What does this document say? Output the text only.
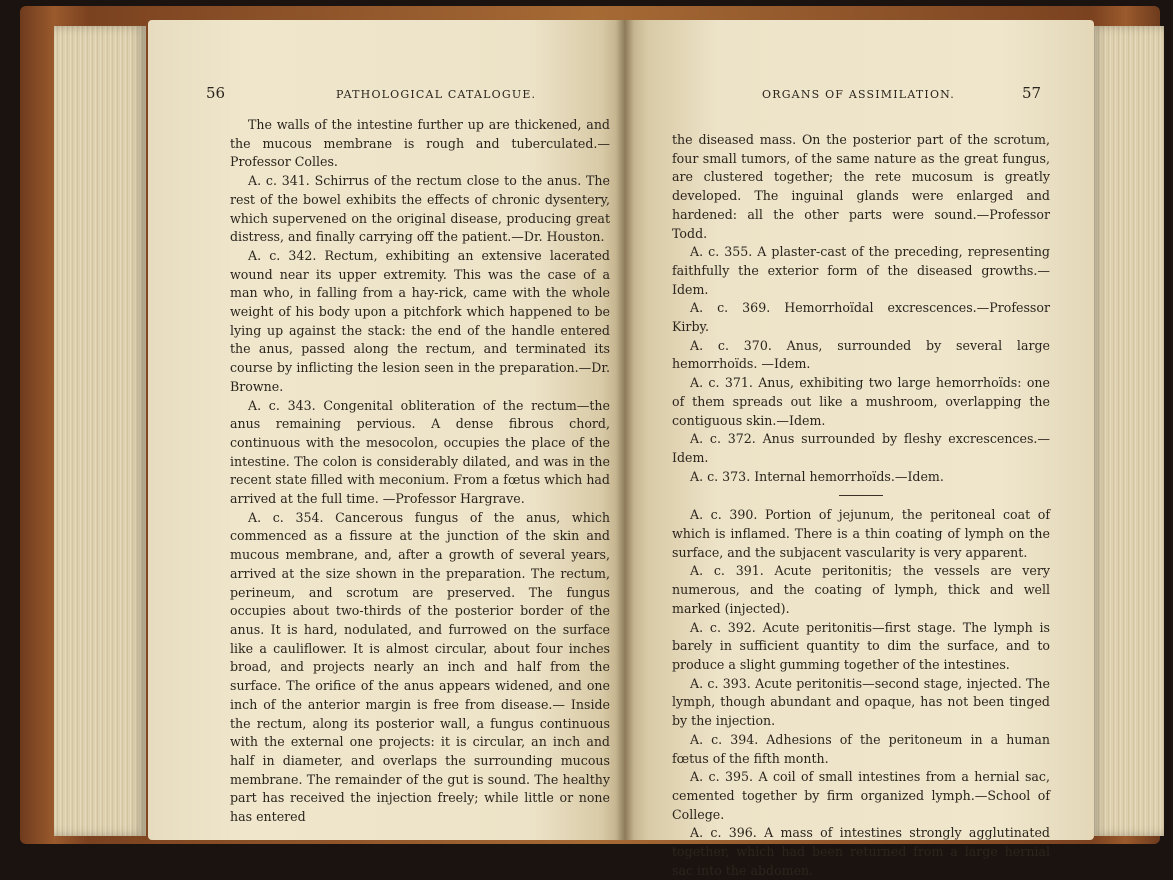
56	PATHOLOGICAL CATALOGUE.

The walls of the intestine further up are thickened, and the mucous membrane is rough and tuberculated.—Professor Colles.

A. c. 341. Schirrus of the rectum close to the anus. The rest of the bowel exhibits the effects of chronic dysentery, which supervened on the original disease, producing great distress, and finally carrying off the patient.—Dr. Houston.

A. c. 342. Rectum, exhibiting an extensive lacerated wound near its upper extremity. This was the case of a man who, in falling from a hay-rick, came with the whole weight of his body upon a pitchfork which happened to be lying up against the stack: the end of the handle entered the anus, passed along the rectum, and terminated its course by inflicting the lesion seen in the preparation.—Dr. Browne.

A. c. 343. Congenital obliteration of the rectum—the anus remaining pervious. A dense fibrous chord, continuous with the mesocolon, occupies the place of the intestine. The colon is considerably dilated, and was in the recent state filled with meconium. From a fœtus which had arrived at the full time. —Professor Hargrave.

A. c. 354. Cancerous fungus of the anus, which commenced as a fissure at the junction of the skin and mucous membrane, and, after a growth of several years, arrived at the size shown in the preparation. The rectum, perineum, and scrotum are preserved. The fungus occupies about two-thirds of the posterior border of the anus. It is hard, nodulated, and furrowed on the surface like a cauliflower. It is almost circular, about four inches broad, and projects nearly an inch and half from the surface. The orifice of the anus appears widened, and one inch of the anterior margin is free from disease.— Inside the rectum, along its posterior wall, a fungus continuous with the external one projects: it is circular, an inch and half in diameter, and overlaps the surrounding mucous membrane. The remainder of the gut is sound. The healthy part has received the injection freely; while little or none has entered

ORGANS OF ASSIMILATION.	57

the diseased mass. On the posterior part of the scrotum, four small tumors, of the same nature as the great fungus, are clustered together; the rete mucosum is greatly developed. The inguinal glands were enlarged and hardened: all the other parts were sound.—Professor Todd.

A. c. 355. A plaster-cast of the preceding, representing faithfully the exterior form of the diseased growths.—Idem.

A. c. 369. Hemorrhoïdal excrescences.—Professor Kirby.

A. c. 370. Anus, surrounded by several large hemorrhoïds. —Idem.

A. c. 371. Anus, exhibiting two large hemorrhoïds: one of them spreads out like a mushroom, overlapping the contiguous skin.—Idem.

A. c. 372. Anus surrounded by fleshy excrescences.—Idem.

A. c. 373. Internal hemorrhoïds.—Idem.

A. c. 390. Portion of jejunum, the peritoneal coat of which is inflamed. There is a thin coating of lymph on the surface, and the subjacent vascularity is very apparent.

A. c. 391. Acute peritonitis; the vessels are very numerous, and the coating of lymph, thick and well marked (injected).

A. c. 392. Acute peritonitis—first stage. The lymph is barely in sufficient quantity to dim the surface, and to produce a slight gumming together of the intestines.

A. c. 393. Acute peritonitis—second stage, injected. The lymph, though abundant and opaque, has not been tinged by the injection.

A. c. 394. Adhesions of the peritoneum in a human fœtus of the fifth month.

A. c. 395. A coil of small intestines from a hernial sac, cemented together by firm organized lymph.—School of College.

A. c. 396. A mass of intestines strongly agglutinated together, which had been returned from a large hernial sac into the abdomen.
